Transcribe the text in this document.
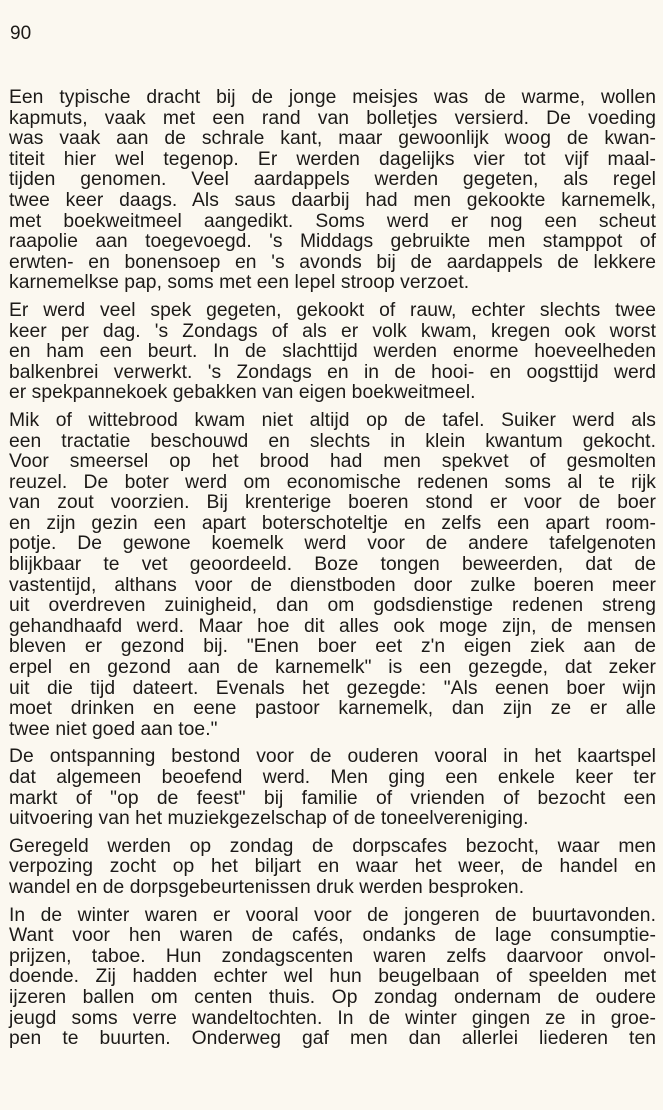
90
Een typische dracht bij de jonge meisjes was de warme, wollen
kapmuts, vaak met een rand van bolletjes versierd. De voeding
was vaak aan de schrale kant, maar gewoonlijk woog de kwan-
titeit hier wel tegenop. Er werden dagelijks vier tot vijf maal-
tijden genomen. Veel aardappels werden gegeten, als regel
twee keer daags. Als saus daarbij had men gekookte karnemelk,
met boekweitmeel aangedikt. Soms werd er nog een scheut
raapolie aan toegevoegd. 's Middags gebruikte men stamppot of
erwten- en bonensoep en 's avonds bij de aardappels de lekkere
karnemelkse pap, soms met een lepel stroop verzoet.
Er werd veel spek gegeten, gekookt of rauw, echter slechts twee
keer per dag. 's Zondags of als er volk kwam, kregen ook worst
en ham een beurt. In de slachttijd werden enorme hoeveelheden
balkenbrei verwerkt. 's Zondags en in de hooi- en oogsttijd werd
er spekpannekoek gebakken van eigen boekweitmeel.
Mik of wittebrood kwam niet altijd op de tafel. Suiker werd als
een tractatie beschouwd en slechts in klein kwantum gekocht.
Voor smeersel op het brood had men spekvet of gesmolten
reuzel. De boter werd om economische redenen soms al te rijk
van zout voorzien. Bij krenterige boeren stond er voor de boer
en zijn gezin een apart boterschoteltje en zelfs een apart room-
potje. De gewone koemelk werd voor de andere tafelgenoten
blijkbaar te vet geoordeeld. Boze tongen beweerden, dat de
vastentijd, althans voor de dienstboden door zulke boeren meer
uit overdreven zuinigheid, dan om godsdienstige redenen streng
gehandhaafd werd. Maar hoe dit alles ook moge zijn, de mensen
bleven er gezond bij. "Enen boer eet z'n eigen ziek aan de
erpel en gezond aan de karnemelk" is een gezegde, dat zeker
uit die tijd dateert. Evenals het gezegde: "Als eenen boer wijn
moet drinken en eene pastoor karnemelk, dan zijn ze er alle
twee niet goed aan toe."
De ontspanning bestond voor de ouderen vooral in het kaartspel
dat algemeen beoefend werd. Men ging een enkele keer ter
markt of "op de feest" bij familie of vrienden of bezocht een
uitvoering van het muziekgezelschap of de toneelvereniging.
Geregeld werden op zondag de dorpscafes bezocht, waar men
verpozing zocht op het biljart en waar het weer, de handel en
wandel en de dorpsgebeurtenissen druk werden besproken.
In de winter waren er vooral voor de jongeren de buurtavonden.
Want voor hen waren de cafés, ondanks de lage consumptie-
prijzen, taboe. Hun zondagscenten waren zelfs daarvoor onvol-
doende. Zij hadden echter wel hun beugelbaan of speelden met
ijzeren ballen om centen thuis. Op zondag ondernam de oudere
jeugd soms verre wandeltochten. In de winter gingen ze in groe-
pen te buurten. Onderweg gaf men dan allerlei liederen ten
